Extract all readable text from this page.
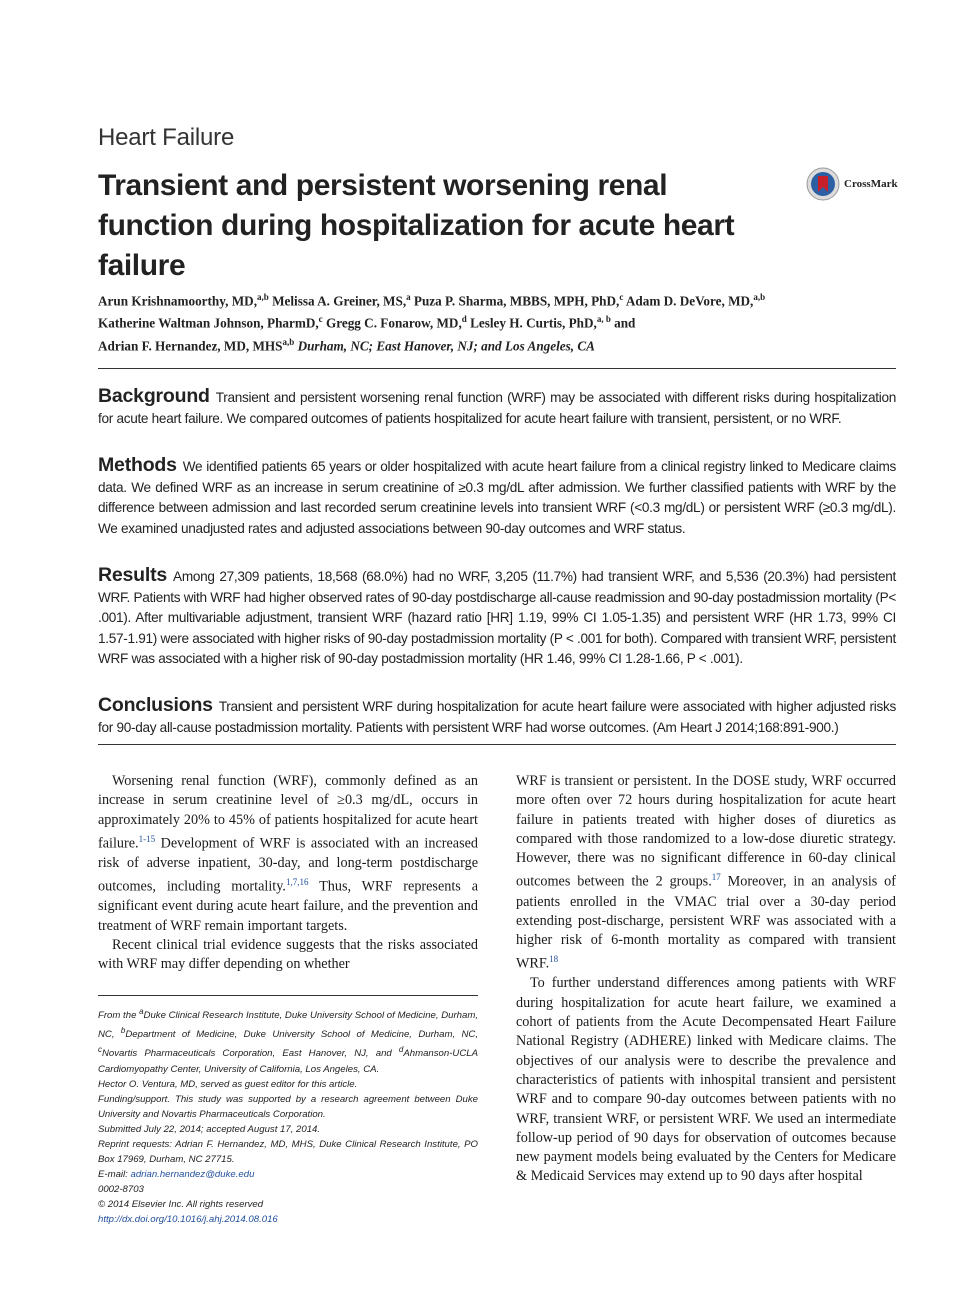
Heart Failure
Transient and persistent worsening renal function during hospitalization for acute heart failure
CrossMark
Arun Krishnamoorthy, MD,$^{a,b}$ Melissa A. Greiner, MS,$^a$ Puza P. Sharma, MBBS, MPH, PhD,$^c$ Adam D. DeVore, MD,$^{a,b}$
Katherine Waltman Johnson, PharmD,$^c$ Gregg C. Fonarow, MD,$^d$ Lesley H. Curtis, PhD,$^{a, b}$ and
Adrian F. Hernandez, MD, MHS$^{a,b}$ Durham, NC; East Hanover, NJ; and Los Angeles, CA
Background Transient and persistent worsening renal function (WRF) may be associated with different risks during hospitalization for acute heart failure. We compared outcomes of patients hospitalized for acute heart failure with transient, persistent, or no WRF.
Methods We identified patients 65 years or older hospitalized with acute heart failure from a clinical registry linked to Medicare claims data. We defined WRF as an increase in serum creatinine of ≥0.3 mg/dL after admission. We further classified patients with WRF by the difference between admission and last recorded serum creatinine levels into transient WRF (<0.3 mg/dL) or persistent WRF (≥0.3 mg/dL). We examined unadjusted rates and adjusted associations between 90-day outcomes and WRF status.
Results Among 27,309 patients, 18,568 (68.0%) had no WRF, 3,205 (11.7%) had transient WRF, and 5,536 (20.3%) had persistent WRF. Patients with WRF had higher observed rates of 90-day postdischarge all-cause readmission and 90-day postadmission mortality (P< .001). After multivariable adjustment, transient WRF (hazard ratio [HR] 1.19, 99% CI 1.05-1.35) and persistent WRF (HR 1.73, 99% CI 1.57-1.91) were associated with higher risks of 90-day postadmission mortality (P < .001 for both). Compared with transient WRF, persistent WRF was associated with a higher risk of 90-day postadmission mortality (HR 1.46, 99% CI 1.28-1.66, P < .001).
Conclusions Transient and persistent WRF during hospitalization for acute heart failure were associated with higher adjusted risks for 90-day all-cause postadmission mortality. Patients with persistent WRF had worse outcomes. (Am Heart J 2014;168:891-900.)

Worsening renal function (WRF), commonly defined as an increase in serum creatinine level of ≥0.3 mg/dL, occurs in approximately 20% to 45% of patients hospitalized for acute heart failure.$^{1-15}$ Development of WRF is associated with an increased risk of adverse inpatient, 30-day, and long-term postdischarge outcomes, including mortality.$^{1,7,16}$ Thus, WRF represents a significant event during acute heart failure, and the prevention and treatment of WRF remain important targets.

Recent clinical trial evidence suggests that the risks associated with WRF may differ depending on whether

WRF is transient or persistent. In the DOSE study, WRF occurred more often over 72 hours during hospitalization for acute heart failure in patients treated with higher doses of diuretics as compared with those randomized to a low-dose diuretic strategy. However, there was no significant difference in 60-day clinical outcomes between the 2 groups.$^{17}$ Moreover, in an analysis of patients enrolled in the VMAC trial over a 30-day period extending post-discharge, persistent WRF was associated with a higher risk of 6-month mortality as compared with transient WRF.$^{18}$

To further understand differences among patients with WRF during hospitalization for acute heart failure, we examined a cohort of patients from the Acute Decompensated Heart Failure National Registry (ADHERE) linked with Medicare claims. The objectives of our analysis were to describe the prevalence and characteristics of patients with inhospital transient and persistent WRF and to compare 90-day outcomes between patients with no WRF, transient WRF, or persistent WRF. We used an intermediate follow-up period of 90 days for observation of outcomes because new payment models being evaluated by the Centers for Medicare & Medicaid Services may extend up to 90 days after hospital

From the $^a$Duke Clinical Research Institute, Duke University School of Medicine, Durham, NC, $^b$Department of Medicine, Duke University School of Medicine, Durham, NC, $^c$Novartis Pharmaceuticals Corporation, East Hanover, NJ, and $^d$Ahmanson-UCLA Cardiomyopathy Center, University of California, Los Angeles, CA.
Hector O. Ventura, MD, served as guest editor for this article.
Funding/support. This study was supported by a research agreement between Duke University and Novartis Pharmaceuticals Corporation.
Submitted July 22, 2014; accepted August 17, 2014.
Reprint requests: Adrian F. Hernandez, MD, MHS, Duke Clinical Research Institute, PO Box 17969, Durham, NC 27715.
E-mail: adrian.hernandez@duke.edu
0002-8703
© 2014 Elsevier Inc. All rights reserved
http://dx.doi.org/10.1016/j.ahj.2014.08.016
